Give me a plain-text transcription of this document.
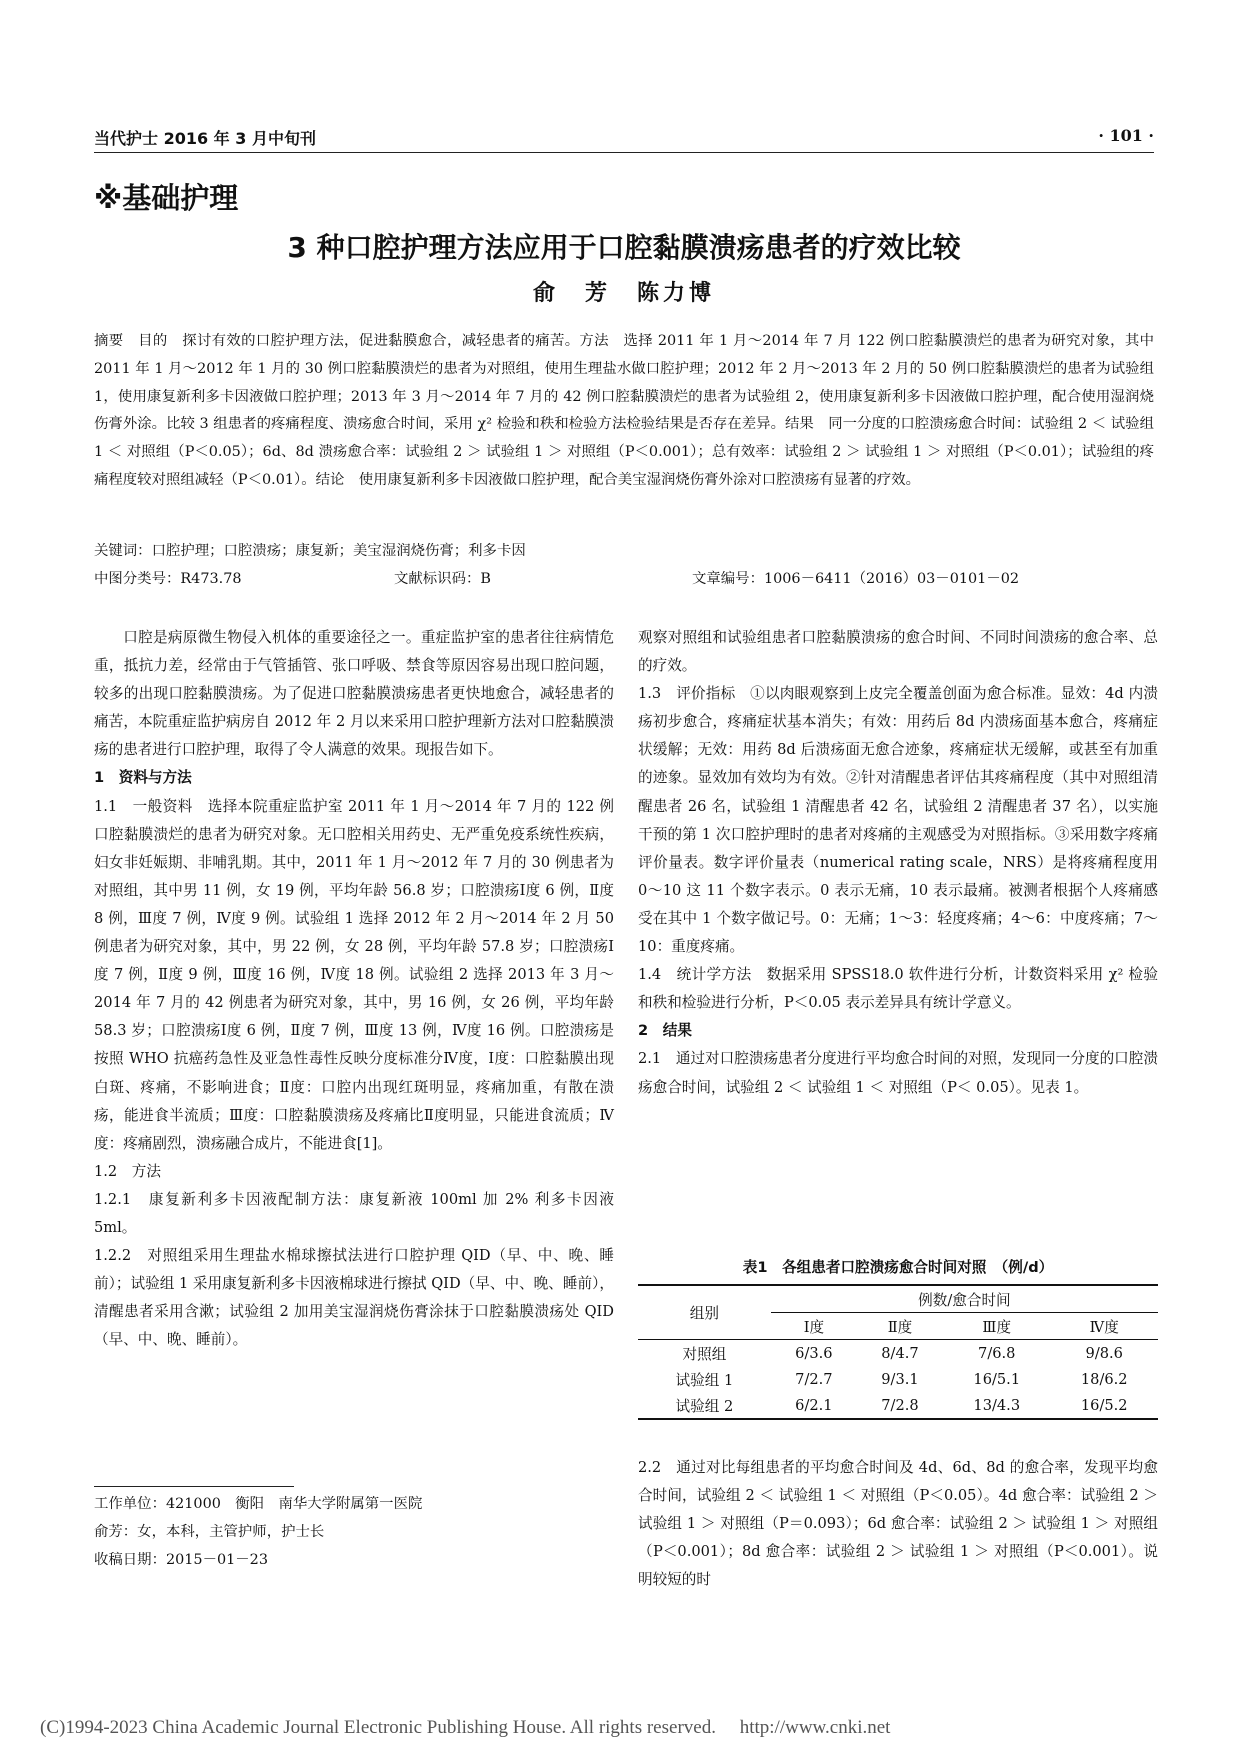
当代护士 2016 年 3 月中旬刊	· 101 ·
※基础护理
3 种口腔护理方法应用于口腔黏膜溃疡患者的疗效比较
俞　芳　陈力博

摘要　目的　探讨有效的口腔护理方法，促进黏膜愈合，减轻患者的痛苦。方法　选择 2011 年 1 月～2014 年 7 月 122 例口腔黏膜溃烂的患者为研究对象，其中 2011 年 1 月～2012 年 1 月的 30 例口腔黏膜溃烂的患者为对照组，使用生理盐水做口腔护理；2012 年 2 月～2013 年 2 月的 50 例口腔黏膜溃烂的患者为试验组 1，使用康复新利多卡因液做口腔护理；2013 年 3 月～2014 年 7 月的 42 例口腔黏膜溃烂的患者为试验组 2，使用康复新利多卡因液做口腔护理，配合使用湿润烧伤膏外涂。比较 3 组患者的疼痛程度、溃疡愈合时间，采用 χ² 检验和秩和检验方法检验结果是否存在差异。结果　同一分度的口腔溃疡愈合时间：试验组 2 ＜ 试验组 1 ＜ 对照组（P＜0.05）；6d、8d 溃疡愈合率：试验组 2 ＞ 试验组 1 ＞ 对照组（P＜0.001）；总有效率：试验组 2 ＞ 试验组 1 ＞ 对照组（P＜0.01）；试验组的疼痛程度较对照组减轻（P＜0.01）。结论　使用康复新利多卡因液做口腔护理，配合美宝湿润烧伤膏外涂对口腔溃疡有显著的疗效。

关键词：口腔护理；口腔溃疡；康复新；美宝湿润烧伤膏；利多卡因
中图分类号：R473.78	文献标识码：B	文章编号：1006－6411（2016）03－0101－02

口腔是病原微生物侵入机体的重要途径之一。重症监护室的患者往往病情危重，抵抗力差，经常由于气管插管、张口呼吸、禁食等原因容易出现口腔问题，较多的出现口腔黏膜溃疡。为了促进口腔黏膜溃疡患者更快地愈合，减轻患者的痛苦，本院重症监护病房自 2012 年 2 月以来采用口腔护理新方法对口腔黏膜溃疡的患者进行口腔护理，取得了令人满意的效果。现报告如下。

1　资料与方法

1.1　一般资料　选择本院重症监护室 2011 年 1 月～2014 年 7 月的 122 例口腔黏膜溃烂的患者为研究对象。无口腔相关用药史、无严重免疫系统性疾病，妇女非妊娠期、非哺乳期。其中，2011 年 1 月～2012 年 7 月的 30 例患者为对照组，其中男 11 例，女 19 例，平均年龄 56.8 岁；口腔溃疡Ⅰ度 6 例，Ⅱ度 8 例，Ⅲ度 7 例，Ⅳ度 9 例。试验组 1 选择 2012 年 2 月～2014 年 2 月 50 例患者为研究对象，其中，男 22 例，女 28 例，平均年龄 57.8 岁；口腔溃疡Ⅰ度 7 例，Ⅱ度 9 例，Ⅲ度 16 例，Ⅳ度 18 例。试验组 2 选择 2013 年 3 月～2014 年 7 月的 42 例患者为研究对象，其中，男 16 例，女 26 例，平均年龄 58.3 岁；口腔溃疡Ⅰ度 6 例，Ⅱ度 7 例，Ⅲ度 13 例，Ⅳ度 16 例。口腔溃疡是按照 WHO 抗癌药急性及亚急性毒性反映分度标准分Ⅳ度，Ⅰ度：口腔黏膜出现白斑、疼痛，不影响进食；Ⅱ度：口腔内出现红斑明显，疼痛加重，有散在溃疡，能进食半流质；Ⅲ度：口腔黏膜溃疡及疼痛比Ⅱ度明显，只能进食流质；Ⅳ度：疼痛剧烈，溃疡融合成片，不能进食[1]。

1.2　方法

1.2.1　康复新利多卡因液配制方法：康复新液 100ml 加 2% 利多卡因液 5ml。

1.2.2　对照组采用生理盐水棉球擦拭法进行口腔护理 QID（早、中、晚、睡前）；试验组 1 采用康复新利多卡因液棉球进行擦拭 QID（早、中、晚、睡前），清醒患者采用含漱；试验组 2 加用美宝湿润烧伤膏涂抹于口腔黏膜溃疡处 QID（早、中、晚、睡前）。

观察对照组和试验组患者口腔黏膜溃疡的愈合时间、不同时间溃疡的愈合率、总的疗效。

1.3　评价指标　①以肉眼观察到上皮完全覆盖创面为愈合标准。显效：4d 内溃疡初步愈合，疼痛症状基本消失；有效：用药后 8d 内溃疡面基本愈合，疼痛症状缓解；无效：用药 8d 后溃疡面无愈合迹象，疼痛症状无缓解，或甚至有加重的迹象。显效加有效均为有效。②针对清醒患者评估其疼痛程度（其中对照组清醒患者 26 名，试验组 1 清醒患者 42 名，试验组 2 清醒患者 37 名），以实施干预的第 1 次口腔护理时的患者对疼痛的主观感受为对照指标。③采用数字疼痛评价量表。数字评价量表（numerical rating scale，NRS）是将疼痛程度用 0～10 这 11 个数字表示。0 表示无痛，10 表示最痛。被测者根据个人疼痛感受在其中 1 个数字做记号。0：无痛；1～3：轻度疼痛；4～6：中度疼痛；7～10：重度疼痛。

1.4　统计学方法　数据采用 SPSS18.0 软件进行分析，计数资料采用 χ² 检验和秩和检验进行分析，P＜0.05 表示差异具有统计学意义。

2　结果

2.1　通过对口腔溃疡患者分度进行平均愈合时间的对照，发现同一分度的口腔溃疡愈合时间，试验组 2 ＜ 试验组 1 ＜ 对照组（P＜ 0.05）。见表 1。

表1　各组患者口腔溃疡愈合时间对照　（例/d）
组别	例数/愈合时间			
	Ⅰ度	Ⅱ度	Ⅲ度	Ⅳ度
对照组	6/3.6	8/4.7	7/6.8	9/8.6
试验组 1	7/2.7	9/3.1	16/5.1	18/6.2
试验组 2	6/2.1	7/2.8	13/4.3	16/5.2

2.2　通过对比每组患者的平均愈合时间及 4d、6d、8d 的愈合率，发现平均愈合时间，试验组 2 ＜ 试验组 1 ＜ 对照组（P＜0.05）。4d 愈合率：试验组 2 ＞ 试验组 1 ＞ 对照组（P＝0.093）；6d 愈合率：试验组 2 ＞ 试验组 1 ＞ 对照组（P＜0.001）；8d 愈合率：试验组 2 ＞ 试验组 1 ＞ 对照组（P＜0.001）。说明较短的时

工作单位：421000　衡阳　南华大学附属第一医院

俞芳：女，本科，主管护师，护士长

收稿日期：2015－01－23

(C)1994-2023 China Academic Journal Electronic Publishing House. All rights reserved.　 http://www.cnki.net
